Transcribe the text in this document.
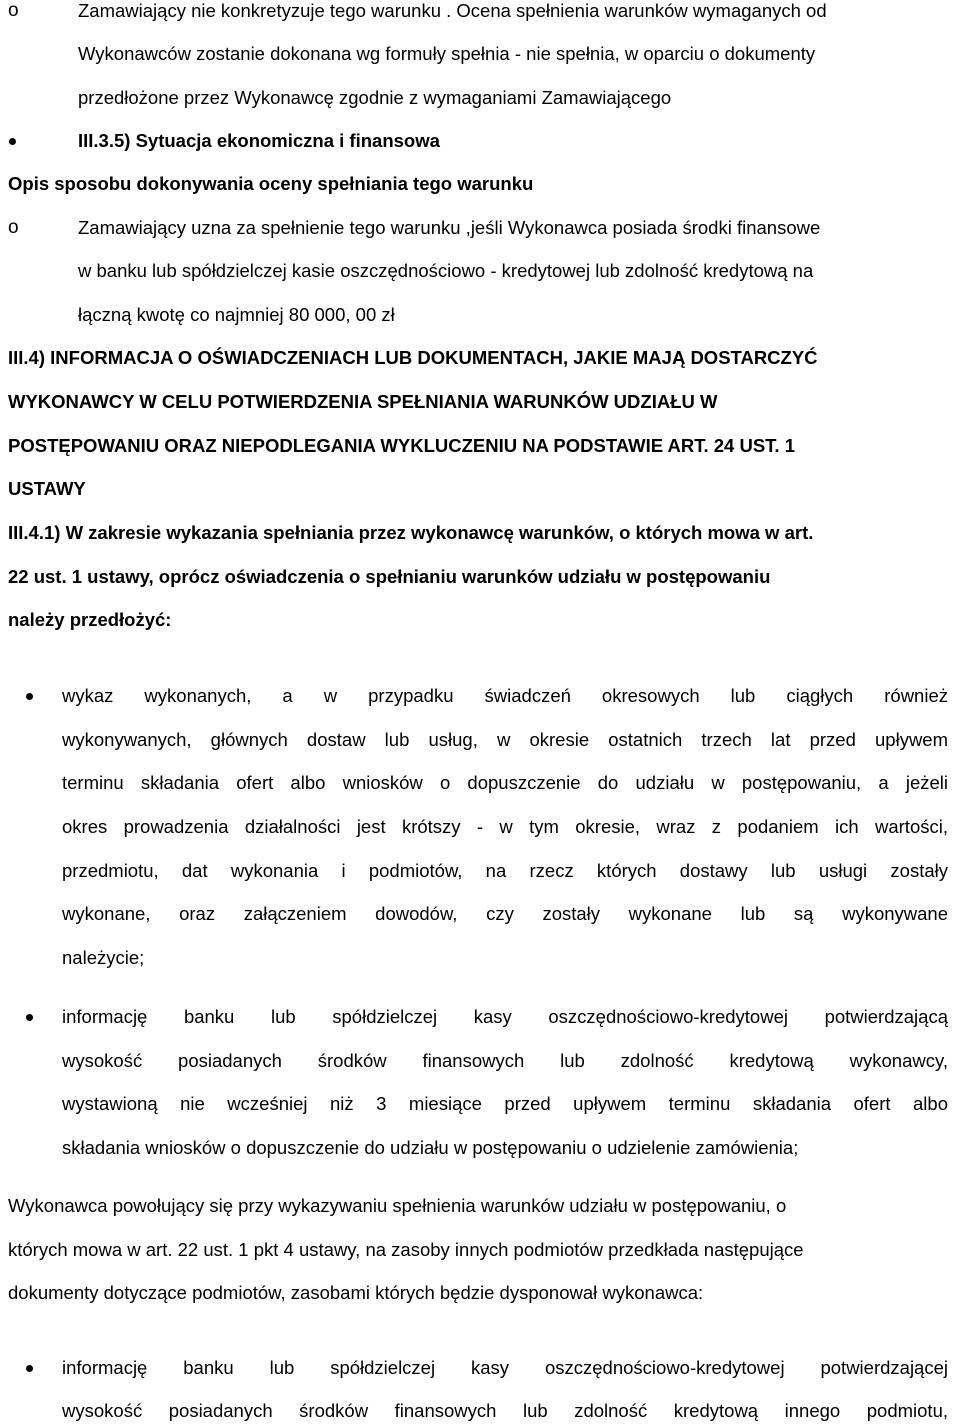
o	Zamawiający nie konkretyzuje tego warunku . Ocena spełnienia warunków wymaganych od
Wykonawców zostanie dokonana wg formuły spełnia - nie spełnia, w oparciu o dokumenty
przedłożone przez Wykonawcę zgodnie z wymaganiami Zamawiającego
III.3.5) Sytuacja ekonomiczna i finansowa
Opis sposobu dokonywania oceny spełniania tego warunku
o	Zamawiający uzna za spełnienie tego warunku ,jeśli Wykonawca posiada środki finansowe
w banku lub spółdzielczej kasie oszczędnościowo - kredytowej lub zdolność kredytową na
łączną kwotę co najmniej 80 000, 00 zł
III.4) INFORMACJA O OŚWIADCZENIACH LUB DOKUMENTACH, JAKIE MAJĄ DOSTARCZYĆ
WYKONAWCY W CELU POTWIERDZENIA SPEŁNIANIA WARUNKÓW UDZIAŁU W
POSTĘPOWANIU ORAZ NIEPODLEGANIA WYKLUCZENIU NA PODSTAWIE ART. 24 UST. 1
USTAWY
III.4.1) W zakresie wykazania spełniania przez wykonawcę warunków, o których mowa w art.
22 ust. 1 ustawy, oprócz oświadczenia o spełnianiu warunków udziału w postępowaniu
należy przedłożyć:
wykaz wykonanych, a w przypadku świadczeń okresowych lub ciągłych również
wykonywanych, głównych dostaw lub usług, w okresie ostatnich trzech lat przed upływem
terminu składania ofert albo wniosków o dopuszczenie do udziału w postępowaniu, a jeżeli
okres prowadzenia działalności jest krótszy - w tym okresie, wraz z podaniem ich wartości,
przedmiotu, dat wykonania i podmiotów, na rzecz których dostawy lub usługi zostały
wykonane, oraz załączeniem dowodów, czy zostały wykonane lub są wykonywane
należycie;
informację banku lub spółdzielczej kasy oszczędnościowo-kredytowej potwierdzającą
wysokość posiadanych środków finansowych lub zdolność kredytową wykonawcy,
wystawioną nie wcześniej niż 3 miesiące przed upływem terminu składania ofert albo
składania wniosków o dopuszczenie do udziału w postępowaniu o udzielenie zamówienia;
Wykonawca powołujący się przy wykazywaniu spełnienia warunków udziału w postępowaniu, o
których mowa w art. 22 ust. 1 pkt 4 ustawy, na zasoby innych podmiotów przedkłada następujące
dokumenty dotyczące podmiotów, zasobami których będzie dysponował wykonawca:
informację banku lub spółdzielczej kasy oszczędnościowo-kredytowej potwierdzającej
wysokość posiadanych środków finansowych lub zdolność kredytową innego podmiotu,
